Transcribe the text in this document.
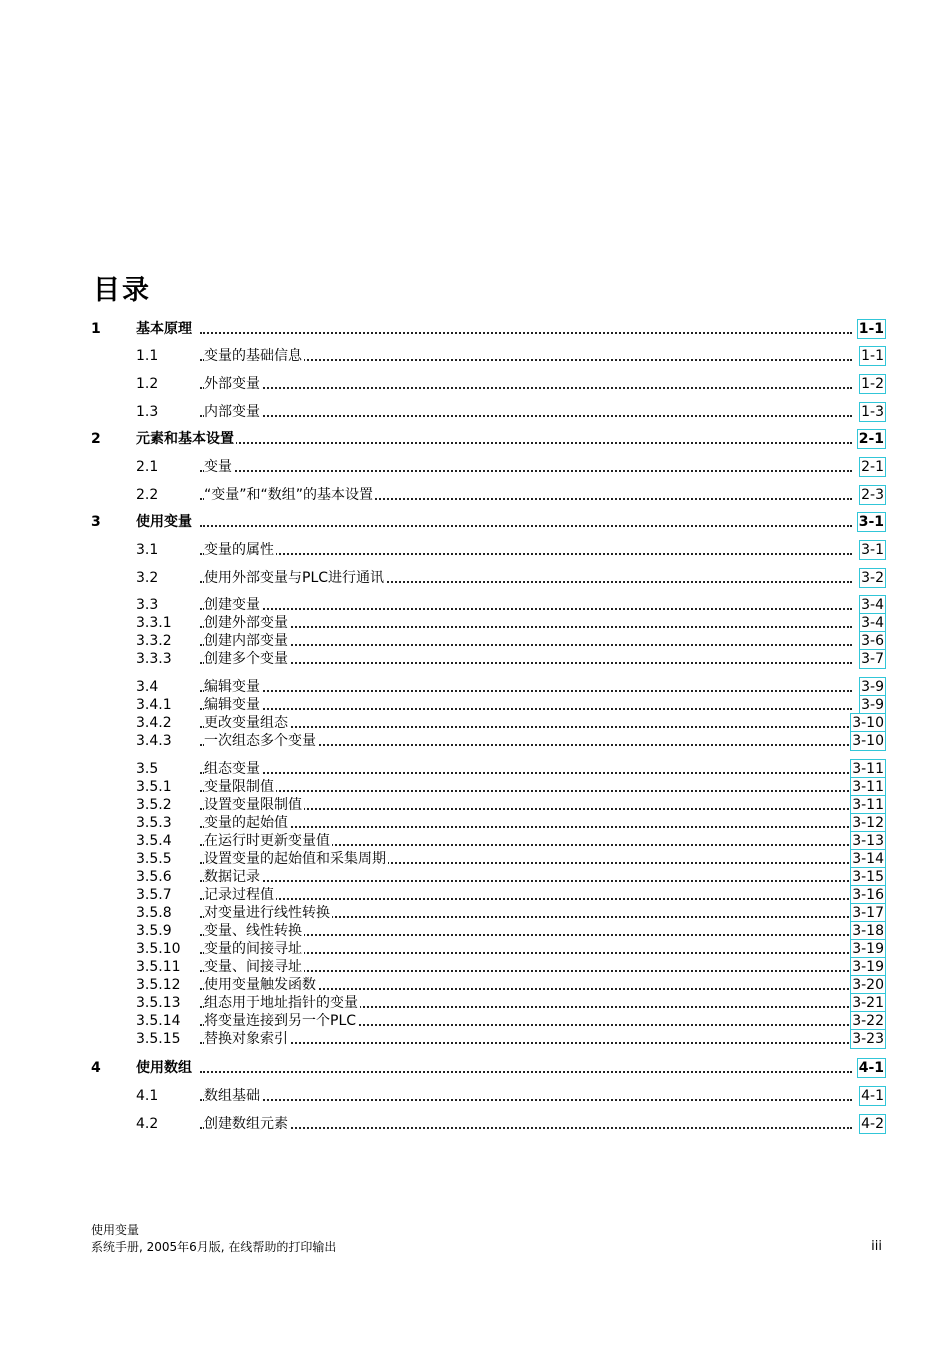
目录
1	基本原理	1-1
1.1	变量的基础信息	1-1
1.2	外部变量	1-2
1.3	内部变量	1-3
2	元素和基本设置	2-1
2.1	变量	2-1
2.2	“变量”和“数组”的基本设置	2-3
3	使用变量	3-1
3.1	变量的属性	3-1
3.2	使用外部变量与PLC进行通讯	3-2
3.3	创建变量	3-4
3.3.1 创建外部变量	3-4
3.3.2 创建内部变量	3-6
3.3.3 创建多个变量	3-7
3.4	编辑变量	3-9
3.4.1 编辑变量	3-9
3.4.2 更改变量组态	3-10
3.4.3 一次组态多个变量	3-10
3.5	组态变量	3-11
3.5.1 变量限制值	3-11
3.5.2 设置变量限制值	3-11
3.5.3 变量的起始值	3-12
3.5.4 在运行时更新变量值	3-13
3.5.5 设置变量的起始值和采集周期	3-14
3.5.6 数据记录	3-15
3.5.7 记录过程值	3-16
3.5.8 对变量进行线性转换	3-17
3.5.9 变量、线性转换	3-18
3.5.10 变量的间接寻址	3-19
3.5.11 变量、间接寻址	3-19
3.5.12 使用变量触发函数	3-20
3.5.13 组态用于地址指针的变量	3-21
3.5.14 将变量连接到另一个PLC	3-22
3.5.15 替换对象索引	3-23
4	使用数组	4-1
4.1	数组基础	4-1
4.2	创建数组元素	4-2
使用变量
系统手册, 2005年6月版, 在线帮助的打印输出	iii
